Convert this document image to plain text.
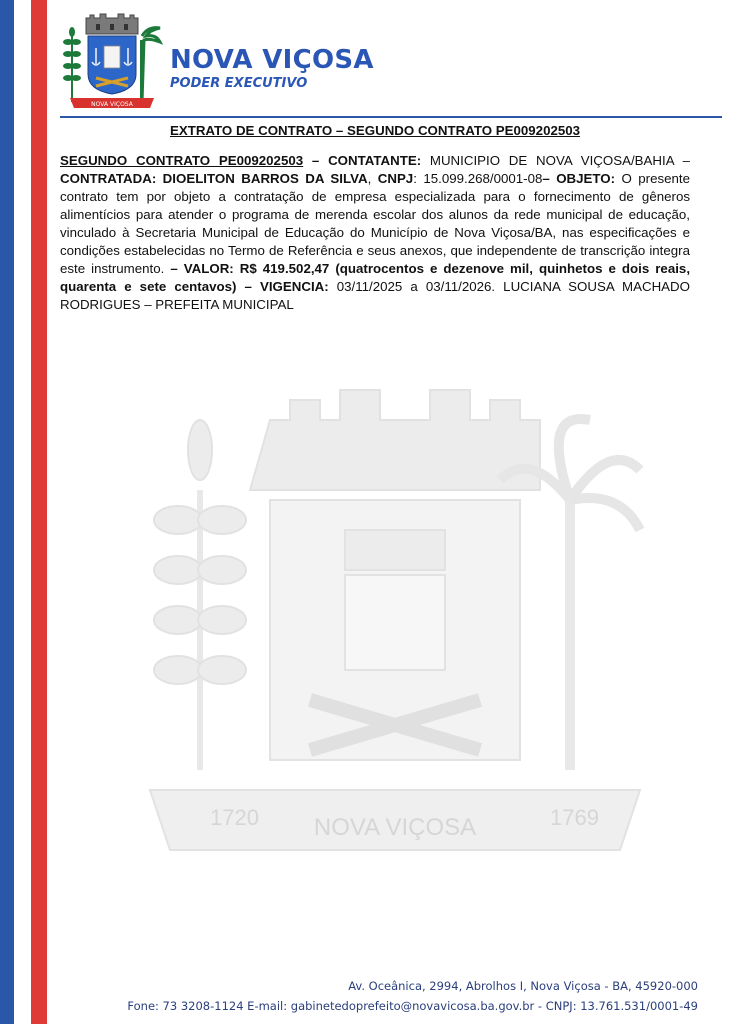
NOVA VIÇOSA
NOVA VIÇOSA
PODER EXECUTIVO
1720 NOVA VIÇOSA	1769

EXTRATO DE CONTRATO – SEGUNDO CONTRATO PE009202503

SEGUNDO CONTRATO PE009202503 – CONTATANTE: MUNICIPIO DE NOVA VIÇOSA/BAHIA – CONTRATADA: DIOELITON BARROS DA SILVA, CNPJ: 15.099.268/0001-08– OBJETO: O presente contrato tem por objeto a contratação de empresa especializada para o fornecimento de gêneros alimentícios para atender o programa de merenda escolar dos alunos da rede municipal de educação, vinculado à Secretaria Municipal de Educação do Município de Nova Viçosa/BA, nas especificações e condições estabelecidas no Termo de Referência e seus anexos, que independente de transcrição integra este instrumento. – VALOR: R$ 419.502,47 (quatrocentos e dezenove mil, quinhetos e dois reais, quarenta e sete centavos) – VIGENCIA: 03/11/2025 a 03/11/2026. LUCIANA SOUSA MACHADO RODRIGUES – PREFEITA MUNICIPAL

Av. Oceânica, 2994, Abrolhos I, Nova Viçosa - BA, 45920-000
Fone: 73 3208-1124 E-mail: gabinetedoprefeito@novavicosa.ba.gov.br - CNPJ: 13.761.531/0001-49
